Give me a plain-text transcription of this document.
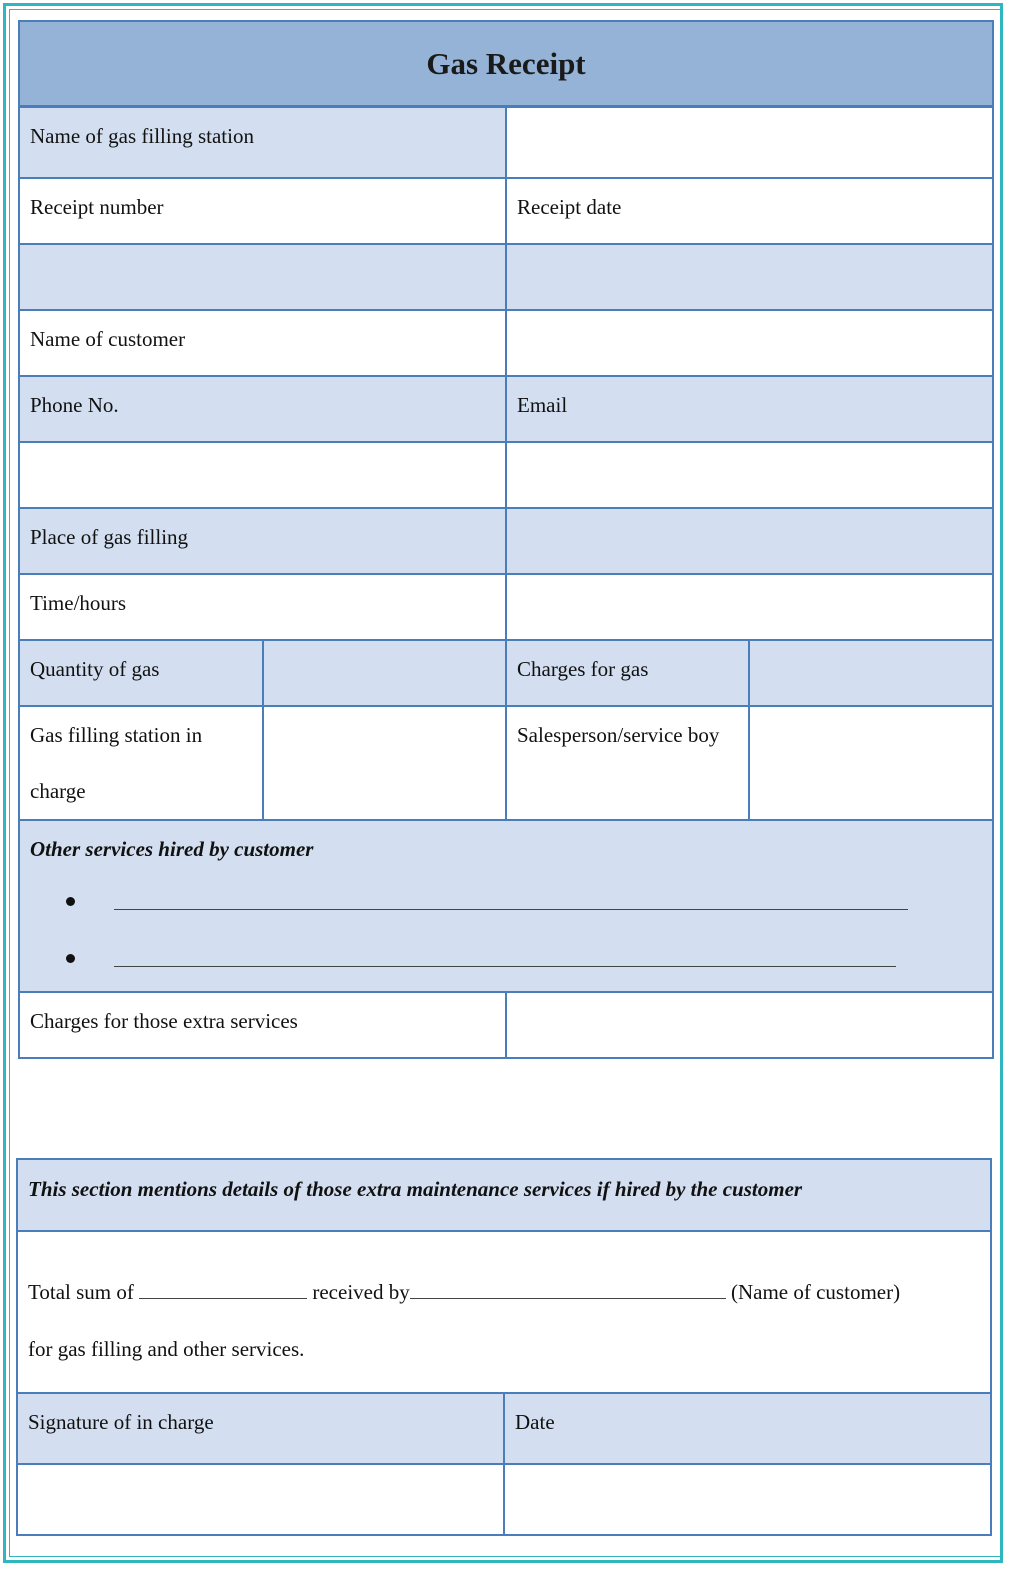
Gas Receipt
Name of gas filling station			
Receipt number		Receipt date	

Name of customer			
Phone No.		Email	

Place of gas filling			
Time/hours			
Quantity of gas		Charges for gas	
Gas filling station in charge		Salesperson/service boy	

Other services hired by customer			

Charges for those extra services			
This section mentions details of those extra maintenance services if hired by the customer
Total sum of	received by	(Name of customer)
for gas filling and other services.
Signature of in charge	Date
